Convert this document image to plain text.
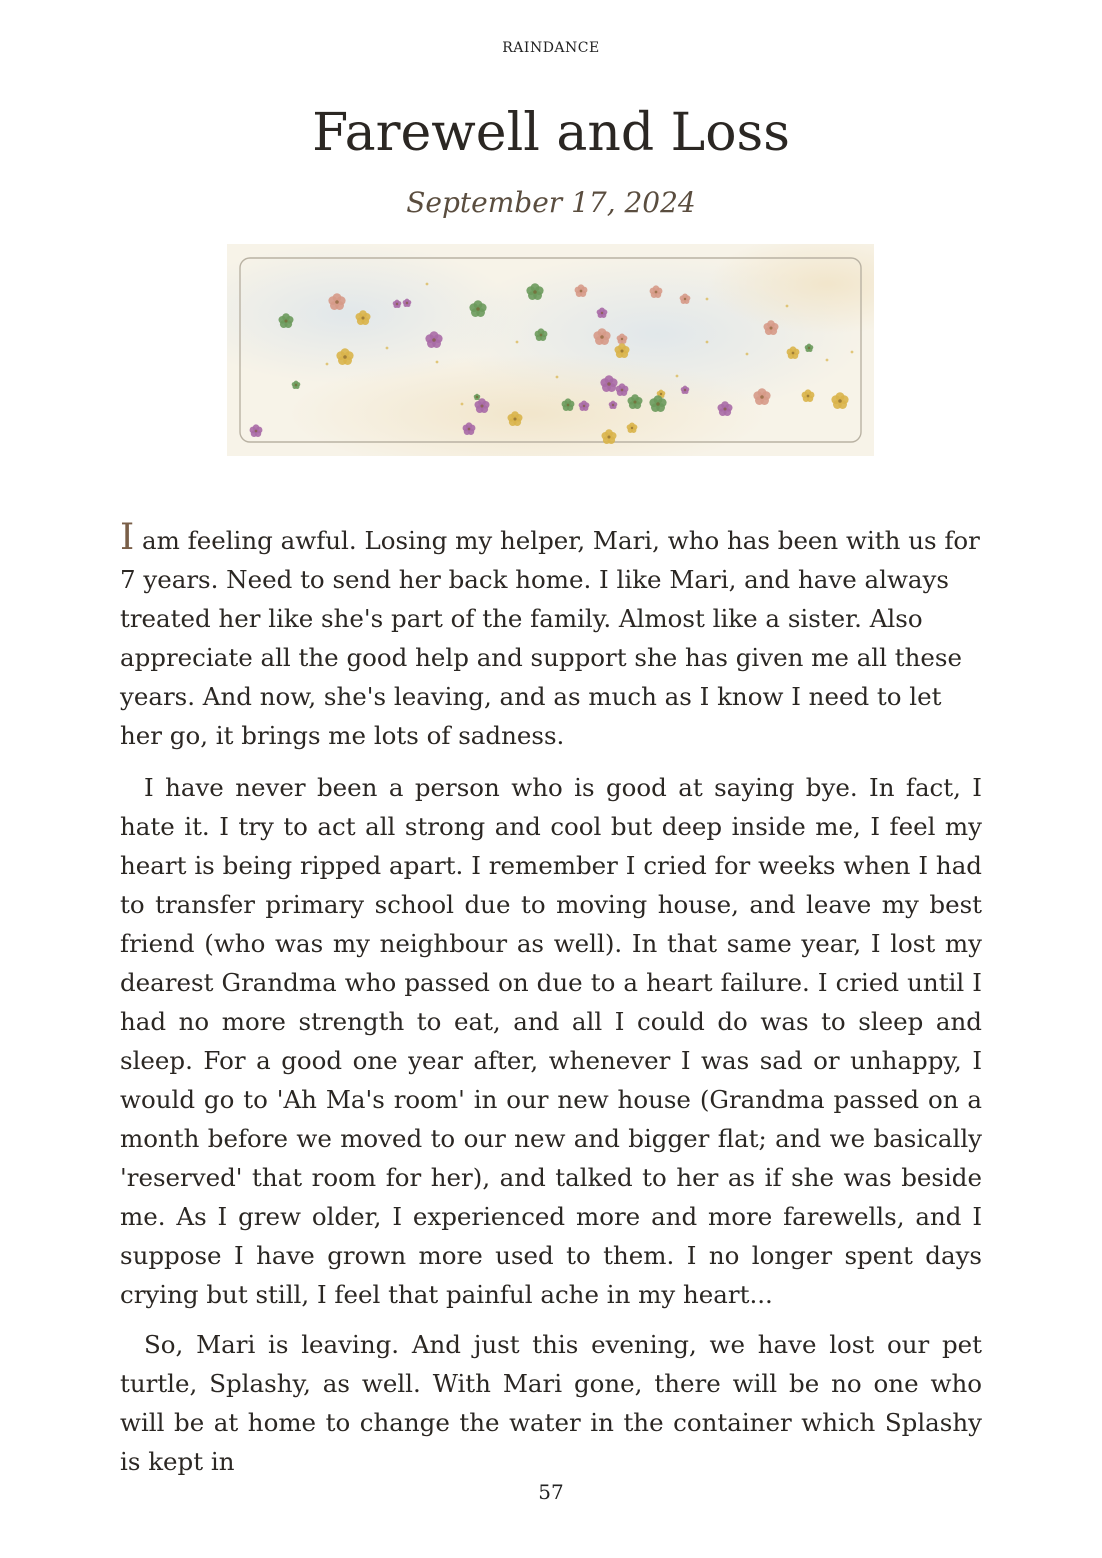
RAINDANCE
Farewell and Loss
September 17, 2024

I am feeling awful. Losing my helper, Mari, who has been with us for 7 years. Need to send her back home. I like Mari, and have always treated her like she's part of the family. Almost like a sister. Also appreciate all the good help and support she has given me all these years. And now, she's leaving, and as much as I know I need to let her go, it brings me lots of sadness.

I have never been a person who is good at saying bye. In fact, I hate it. I try to act all strong and cool but deep inside me, I feel my heart is being ripped apart. I remember I cried for weeks when I had to transfer primary school due to moving house, and leave my best friend (who was my neighbour as well). In that same year, I lost my dearest Grandma who passed on due to a heart failure. I cried until I had no more strength to eat, and all I could do was to sleep and sleep. For a good one year after, whenever I was sad or unhappy, I would go to 'Ah Ma's room' in our new house (Grandma passed on a month before we moved to our new and bigger flat; and we basically 'reserved' that room for her), and talked to her as if she was beside me. As I grew older, I experienced more and more farewells, and I suppose I have grown more used to them. I no longer spent days crying but still, I feel that painful ache in my heart...

So, Mari is leaving. And just this evening, we have lost our pet turtle, Splashy, as well. With Mari gone, there will be no one who will be at home to change the water in the container which Splashy is kept in

57
